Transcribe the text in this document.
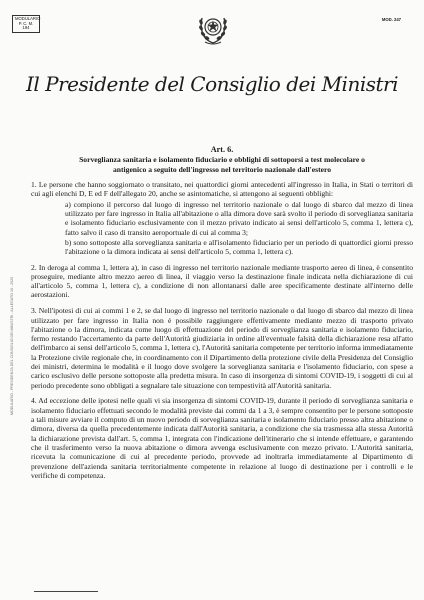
MODULARIO
P. C. M. 194
MOD. 247
Il Presidente del Consiglio dei Ministri
MODULARIO - PRESIDENZA DEL CONSIGLIO DEI MINISTRI - ALLEGATO 10 - 2020

Art. 6.

Sorveglianza sanitaria e isolamento fiduciario e obblighi di sottoporsi a test molecolare o
antigenico a seguito dell'ingresso nel territorio nazionale dall'estero

1. Le persone che hanno soggiornato o transitato, nei quattordici giorni antecedenti all'ingresso in Italia, in Stati o territori di cui agli elenchi D, E ed F dell'allegato 20, anche se asintomatiche, si attengono ai seguenti obblighi:

a) compiono il percorso dal luogo di ingresso nel territorio nazionale o dal luogo di sbarco dal mezzo di linea utilizzato per fare ingresso in Italia all'abitazione o alla dimora dove sarà svolto il periodo di sorveglianza sanitaria e isolamento fiduciario esclusivamente con il mezzo privato indicato ai sensi dell'articolo 5, comma 1, lettera c), fatto salvo il caso di transito aeroportuale di cui al comma 3;
b) sono sottoposte alla sorveglianza sanitaria e all'isolamento fiduciario per un periodo di quattordici giorni presso l'abitazione o la dimora indicata ai sensi dell'articolo 5, comma 1, lettera c).

2. In deroga al comma 1, lettera a), in caso di ingresso nel territorio nazionale mediante trasporto aereo di linea, è consentito proseguire, mediante altro mezzo aereo di linea, il viaggio verso la destinazione finale indicata nella dichiarazione di cui all'articolo 5, comma 1, lettera c), a condizione di non allontanarsi dalle aree specificamente destinate all'interno delle aerostazioni.

3. Nell'ipotesi di cui ai commi 1 e 2, se dal luogo di ingresso nel territorio nazionale o dal luogo di sbarco dal mezzo di linea utilizzato per fare ingresso in Italia non è possibile raggiungere effettivamente mediante mezzo di trasporto privato l'abitazione o la dimora, indicata come luogo di effettuazione del periodo di sorveglianza sanitaria e isolamento fiduciario, fermo restando l'accertamento da parte dell'Autorità giudiziaria in ordine all'eventuale falsità della dichiarazione resa all'atto dell'imbarco ai sensi dell'articolo 5, comma 1, lettera c), l'Autorità sanitaria competente per territorio informa immediatamente la Protezione civile regionale che, in coordinamento con il Dipartimento della protezione civile della Presidenza del Consiglio dei ministri, determina le modalità e il luogo dove svolgere la sorveglianza sanitaria e l'isolamento fiduciario, con spese a carico esclusivo delle persone sottoposte alla predetta misura. In caso di insorgenza di sintomi COVID-19, i soggetti di cui al periodo precedente sono obbligati a segnalare tale situazione con tempestività all'Autorità sanitaria.

4. Ad eccezione delle ipotesi nelle quali vi sia insorgenza di sintomi COVID-19, durante il periodo di sorveglianza sanitaria e isolamento fiduciario effettuati secondo le modalità previste dai commi da 1 a 3, è sempre consentito per le persone sottoposte a tali misure avviare il computo di un nuovo periodo di sorveglianza sanitaria e isolamento fiduciario presso altra abitazione o dimora, diversa da quella precedentemente indicata dall'Autorità sanitaria, a condizione che sia trasmessa alla stessa Autorità la dichiarazione prevista dall'art. 5, comma 1, integrata con l'indicazione dell'itinerario che si intende effettuare, e garantendo che il trasferimento verso la nuova abitazione o dimora avvenga esclusivamente con mezzo privato. L'Autorità sanitaria, ricevuta la comunicazione di cui al precedente periodo, provvede ad inoltrarla immediatamente al Dipartimento di prevenzione dell'azienda sanitaria territorialmente competente in relazione al luogo di destinazione per i controlli e le verifiche di competenza.
